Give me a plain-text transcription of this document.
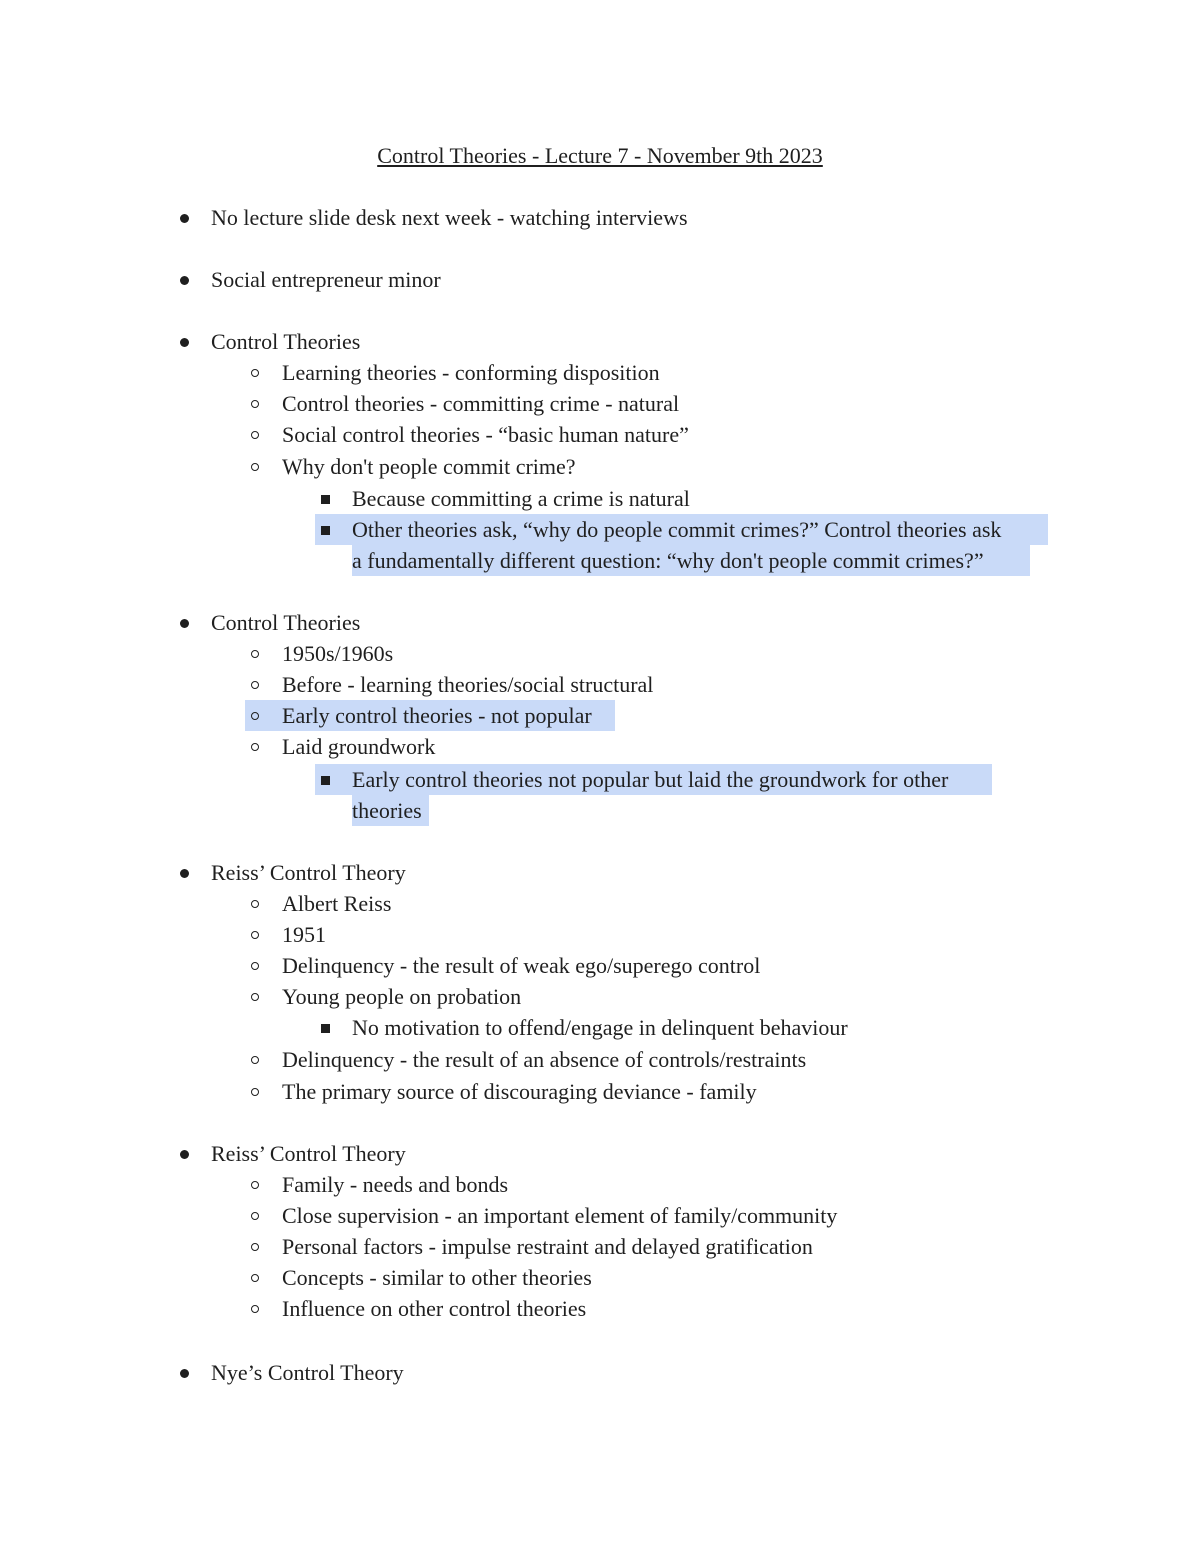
Control Theories - Lecture 7 - November 9th 2023
No lecture slide desk next week - watching interviews
Social entrepreneur minor
Control Theories
Learning theories - conforming disposition
Control theories - committing crime - natural
Social control theories - “basic human nature”
Why don't people commit crime?
Because committing a crime is natural
Other theories ask, “why do people commit crimes?” Control theories ask
a fundamentally different question: “why don't people commit crimes?”
Control Theories
1950s/1960s
Before - learning theories/social structural
Early control theories - not popular
Laid groundwork
Early control theories not popular but laid the groundwork for other
theories
Reiss’ Control Theory
Albert Reiss
1951
Delinquency - the result of weak ego/superego control
Young people on probation
No motivation to offend/engage in delinquent behaviour
Delinquency - the result of an absence of controls/restraints
The primary source of discouraging deviance - family
Reiss’ Control Theory
Family - needs and bonds
Close supervision - an important element of family/community
Personal factors - impulse restraint and delayed gratification
Concepts - similar to other theories
Influence on other control theories
Nye’s Control Theory
